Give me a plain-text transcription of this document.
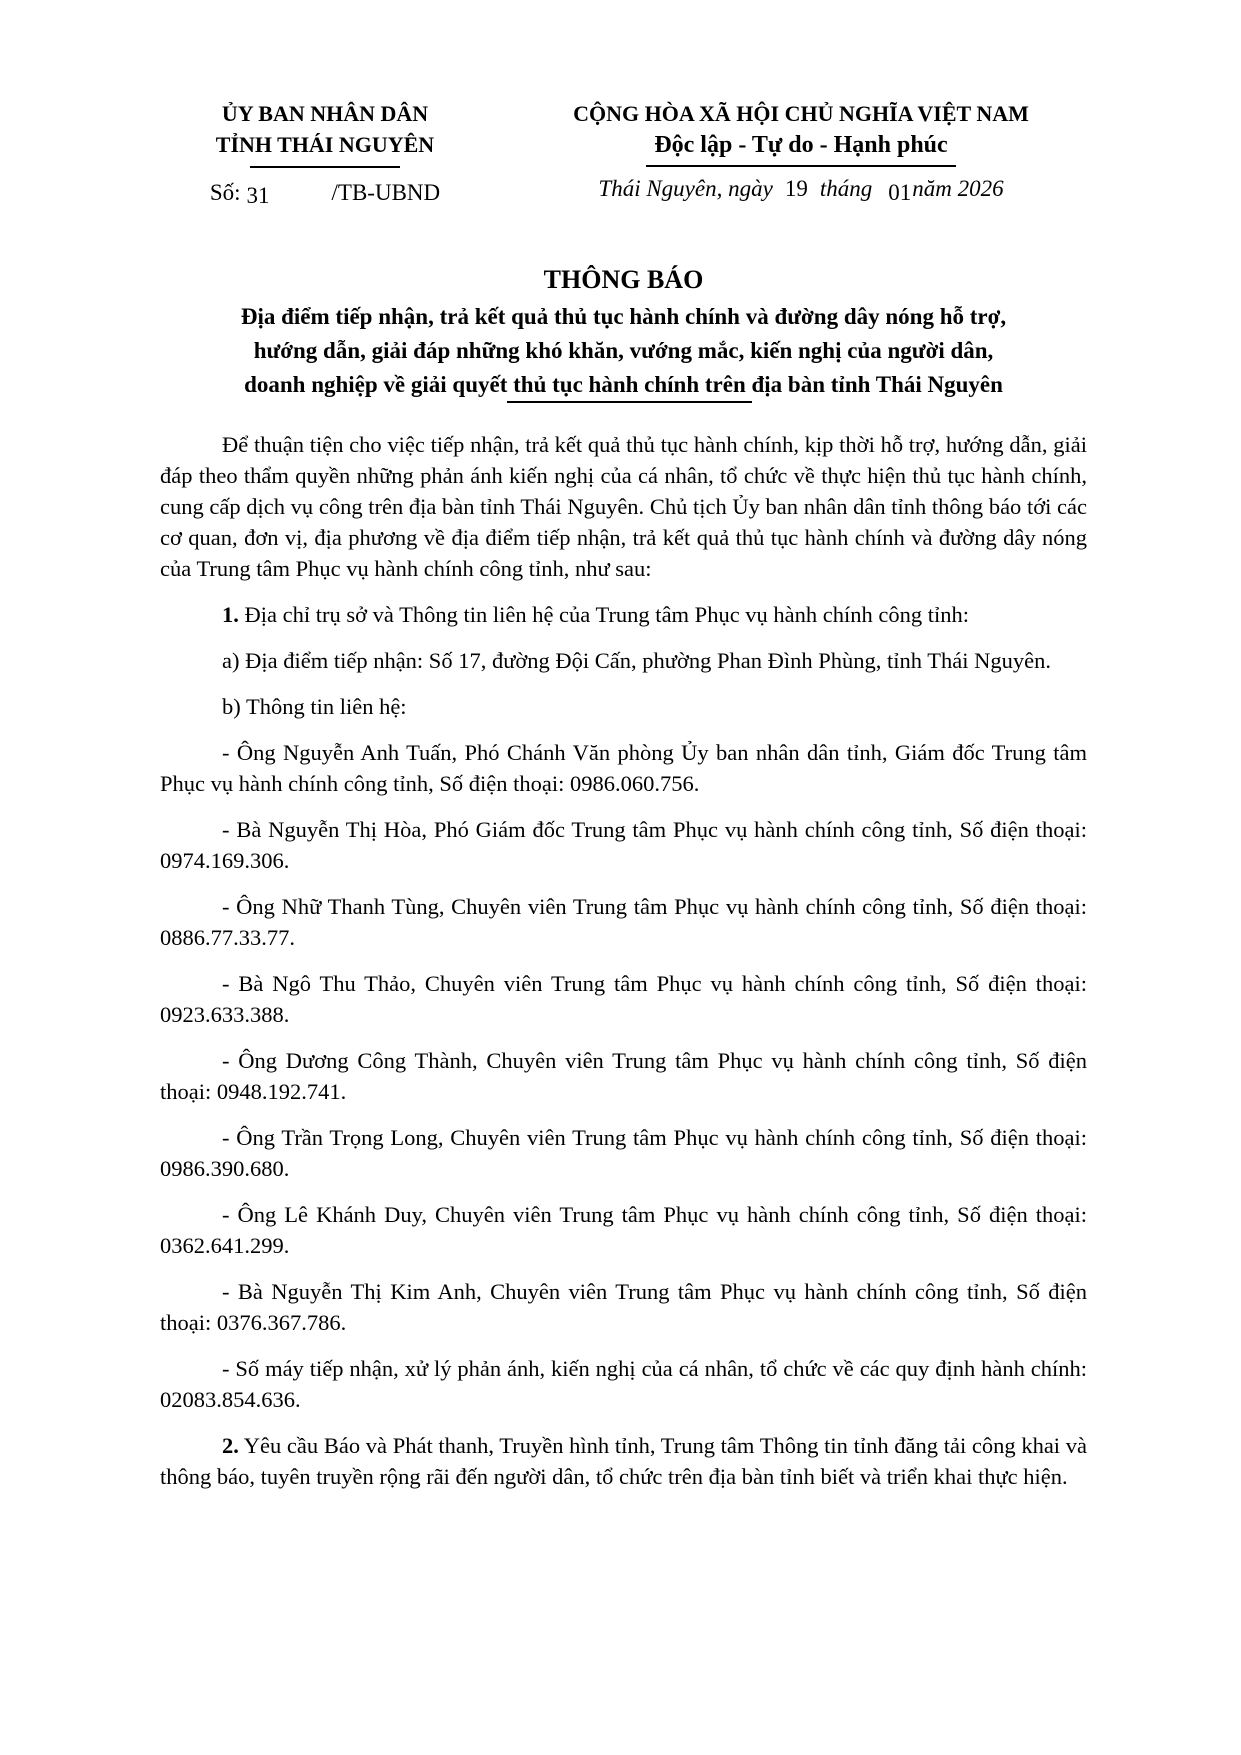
ỦY BAN NHÂN DÂN
TỈNH THÁI NGUYÊN
Số: 31	/TB-UBND
CỘNG HÒA XÃ HỘI CHỦ NGHĨA VIỆT NAM
Độc lập - Tự do - Hạnh phúc
Thái Nguyên, ngày 19 tháng 01năm 2026
THÔNG BÁO
Địa điểm tiếp nhận, trả kết quả thủ tục hành chính và đường dây nóng hỗ trợ,
hướng dẫn, giải đáp những khó khăn, vướng mắc, kiến nghị của người dân,
doanh nghiệp về giải quyết thủ tục hành chính trên địa bàn tỉnh Thái Nguyên

Để thuận tiện cho việc tiếp nhận, trả kết quả thủ tục hành chính, kịp thời hỗ trợ, hướng dẫn, giải đáp theo thẩm quyền những phản ánh kiến nghị của cá nhân, tổ chức về thực hiện thủ tục hành chính, cung cấp dịch vụ công trên địa bàn tỉnh Thái Nguyên. Chủ tịch Ủy ban nhân dân tỉnh thông báo tới các cơ quan, đơn vị, địa phương về địa điểm tiếp nhận, trả kết quả thủ tục hành chính và đường dây nóng của Trung tâm Phục vụ hành chính công tỉnh, như sau:

1. Địa chỉ trụ sở và Thông tin liên hệ của Trung tâm Phục vụ hành chính công tỉnh:

a) Địa điểm tiếp nhận: Số 17, đường Đội Cấn, phường Phan Đình Phùng, tỉnh Thái Nguyên.

b) Thông tin liên hệ:

- Ông Nguyễn Anh Tuấn, Phó Chánh Văn phòng Ủy ban nhân dân tỉnh, Giám đốc Trung tâm Phục vụ hành chính công tỉnh, Số điện thoại: 0986.060.756.

- Bà Nguyễn Thị Hòa, Phó Giám đốc Trung tâm Phục vụ hành chính công tỉnh, Số điện thoại: 0974.169.306.

- Ông Nhữ Thanh Tùng, Chuyên viên Trung tâm Phục vụ hành chính công tỉnh, Số điện thoại: 0886.77.33.77.

- Bà Ngô Thu Thảo, Chuyên viên Trung tâm Phục vụ hành chính công tỉnh, Số điện thoại: 0923.633.388.

- Ông Dương Công Thành, Chuyên viên Trung tâm Phục vụ hành chính công tỉnh, Số điện thoại: 0948.192.741.

- Ông Trần Trọng Long, Chuyên viên Trung tâm Phục vụ hành chính công tỉnh, Số điện thoại: 0986.390.680.

- Ông Lê Khánh Duy, Chuyên viên Trung tâm Phục vụ hành chính công tỉnh, Số điện thoại: 0362.641.299.

- Bà Nguyễn Thị Kim Anh, Chuyên viên Trung tâm Phục vụ hành chính công tỉnh, Số điện thoại: 0376.367.786.

- Số máy tiếp nhận, xử lý phản ánh, kiến nghị của cá nhân, tổ chức về các quy định hành chính: 02083.854.636.

2. Yêu cầu Báo và Phát thanh, Truyền hình tỉnh, Trung tâm Thông tin tỉnh đăng tải công khai và thông báo, tuyên truyền rộng rãi đến người dân, tổ chức trên địa bàn tỉnh biết và triển khai thực hiện.
